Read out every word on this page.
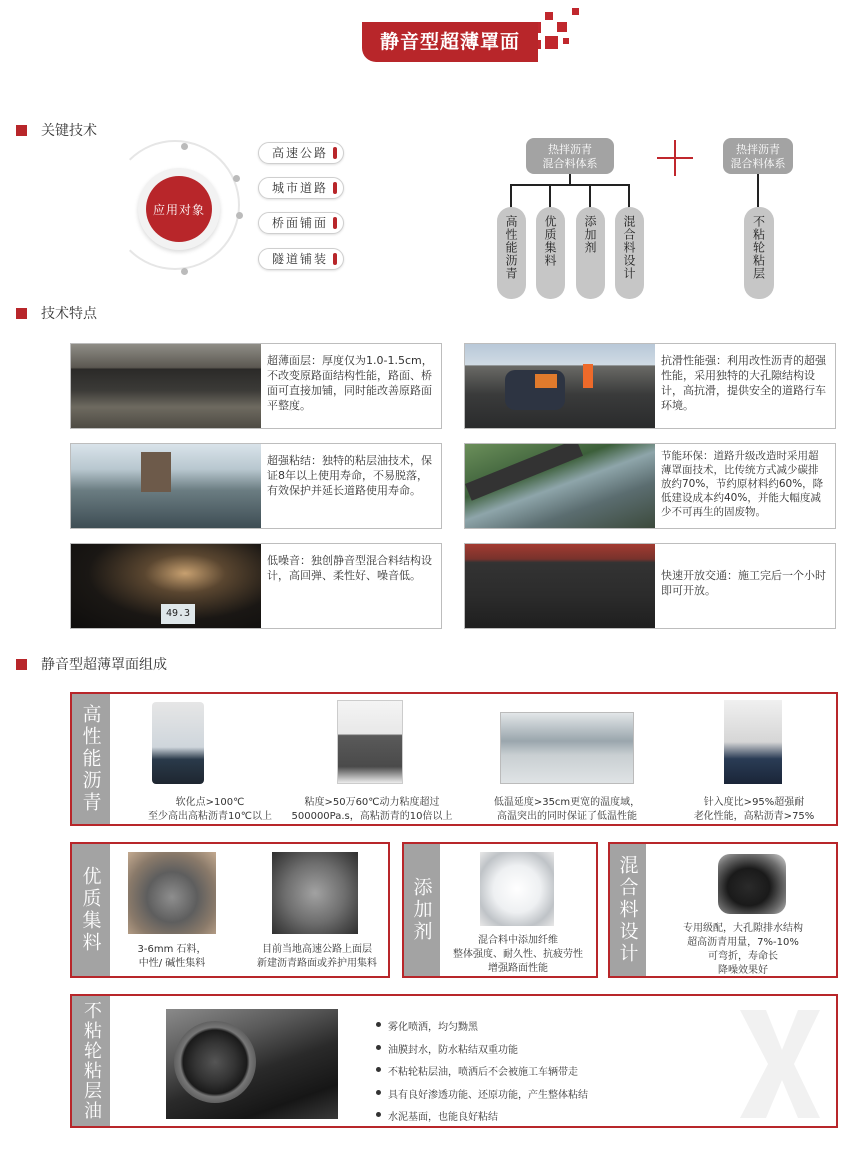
静音型超薄罩面
关键技术
应用对象
高速公路
城市道路
桥面铺面
隧道铺装
热拌沥青
混合料体系
高性能沥青 优质集料 添加剂 混合料设计
热拌沥青
混合料体系
不粘轮粘层
技术特点
超薄面层：厚度仅为1.0-1.5cm，不改变原路面结构性能，路面、桥面可直接加铺，同时能改善原路面平整度。
抗滑性能强：利用改性沥青的超强性能，采用独特的大孔隙结构设计，高抗滑，提供安全的道路行车环境。
超强粘结：独特的粘层油技术，保证8年以上使用寿命，不易脱落，有效保护并延长道路使用寿命。
节能环保：道路升级改造时采用超薄罩面技术，比传统方式减少碳排放约70%，节约原材料约60%，降低建设成本约40%，并能大幅度减少不可再生的固废物。
49.3
低噪音：独创静音型混合料结构设计，高回弹、柔性好、噪音低。	快速开放交通：施工完后一个小时即可开放。
静音型超薄罩面组成
高性能沥青	软化点>100℃
至少高出高粘沥青10℃以上
粘度>50万60℃动力粘度超过
500000Pa.s，高粘沥青的10倍以上
低温延度>35cm更宽的温度域，
高温突出的同时保证了低温性能
针入度比>95%超强耐
老化性能，高粘沥青>75%
优质集料	3-6mm 石料，
中性/ 碱性集料
目前当地高速公路上面层
新建沥青路面或养护用集料
添加剂	混合料中添加纤维
整体强度、耐久性、抗疲劳性
增强路面性能
混合料设计	专用级配，大孔隙排水结构
超高沥青用量，7%-10%
可弯折，寿命长
降噪效果好
不粘轮粘层油	雾化喷洒，均匀黝黑
油膜封水，防水粘结双重功能
不粘轮粘层油，喷洒后不会被施工车辆带走
具有良好渗透功能、还原功能，产生整体粘结
水泥基面，也能良好粘结
